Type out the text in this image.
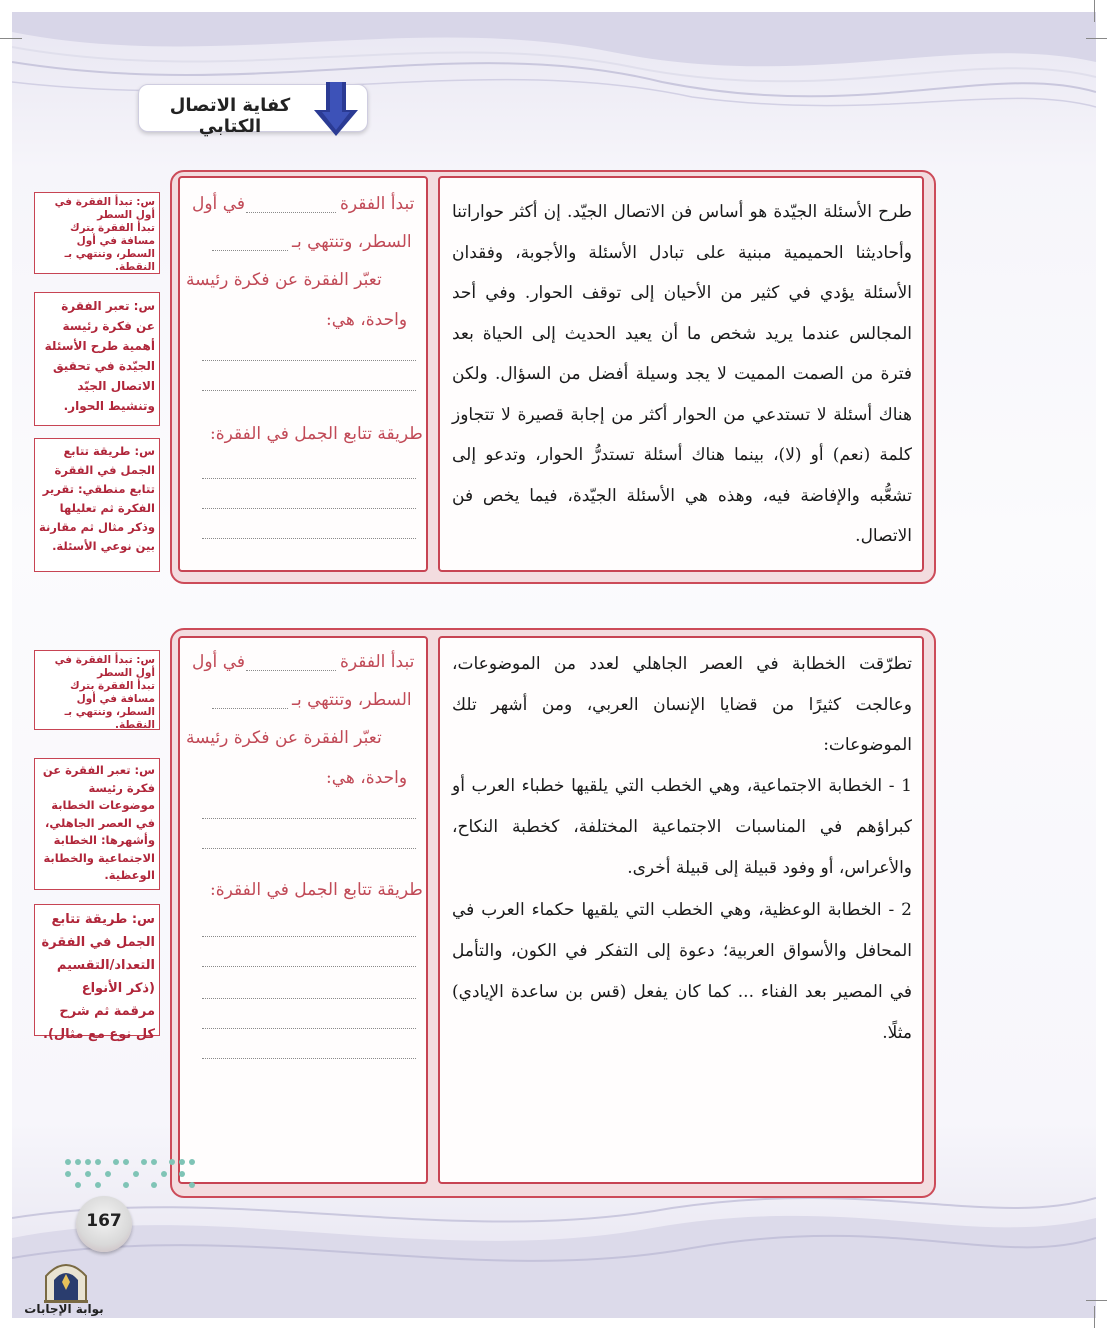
كفاية الاتصال الكتابي

طرح الأسئلة الجيّدة هو أساس فن الاتصال الجيّد. إن أكثر حواراتنا وأحاديثنا الحميمية مبنية على تبادل الأسئلة والأجوبة، وفقدان الأسئلة يؤدي في كثير من الأحيان إلى توقف الحوار. وفي أحد المجالس عندما يريد شخص ما أن يعيد الحديث إلى الحياة بعد فترة من الصمت المميت لا يجد وسيلة أفضل من السؤال. ولكن هناك أسئلة لا تستدعي من الحوار أكثر من إجابة قصيرة لا تتجاوز كلمة (نعم) أو (لا)، بينما هناك أسئلة تستدرُّ الحوار، وتدعو إلى تشعُّبه والإفاضة فيه، وهذه هي الأسئلة الجيّدة، فيما يخص فن الاتصال.

تبدأ الفقرة
في أول
السطر، وتنتهي بـ
تعبّر الفقرة عن فكرة رئيسة
واحدة، هي:
طريقة تتابع الجمل في الفقرة:
س: تبدأ الفقرة في أول السطر
تبدأ الفقرة بترك مسافة في أول السطر، وتنتهي بـ النقطة.
س: تعبر الفقرة عن فكرة رئيسة
أهمية طرح الأسئلة الجيّدة في تحقيق الاتصال الجيّد وتنشيط الحوار.
س: طريقة تتابع الجمل في الفقرة
تتابع منطقي: تقرير الفكرة ثم تعليلها وذكر مثال ثم مقارنة بين نوعي الأسئلة.

تطرّقت الخطابة في العصر الجاهلي لعدد من الموضوعات، وعالجت كثيرًا من قضايا الإنسان العربي، ومن أشهر تلك الموضوعات:

1 - الخطابة الاجتماعية، وهي الخطب التي يلقيها خطباء العرب أو كبراؤهم في المناسبات الاجتماعية المختلفة، كخطبة النكاح، والأعراس، أو وفود قبيلة إلى قبيلة أخرى.

2 - الخطابة الوعظية، وهي الخطب التي يلقيها حكماء العرب في المحافل والأسواق العربية؛ دعوة إلى التفكر في الكون، والتأمل في المصير بعد الفناء ... كما كان يفعل (قس بن ساعدة الإيادي) مثلًا.

تبدأ الفقرة
في أول
السطر، وتنتهي بـ
تعبّر الفقرة عن فكرة رئيسة
واحدة، هي:
طريقة تتابع الجمل في الفقرة:
س: تبدأ الفقرة في أول السطر
تبدأ الفقرة بترك مسافة في أول السطر، وتنتهي بـ النقطة.
س: تعبر الفقرة عن فكرة رئيسة
موضوعات الخطابة في العصر الجاهلي، وأشهرها: الخطابة الاجتماعية والخطابة الوعظية.
س: طريقة تتابع الجمل في الفقرة
التعداد/التقسيم (ذكر الأنواع مرقمة ثم شرح كل نوع مع مثال).
167
بوابة الإجابات
